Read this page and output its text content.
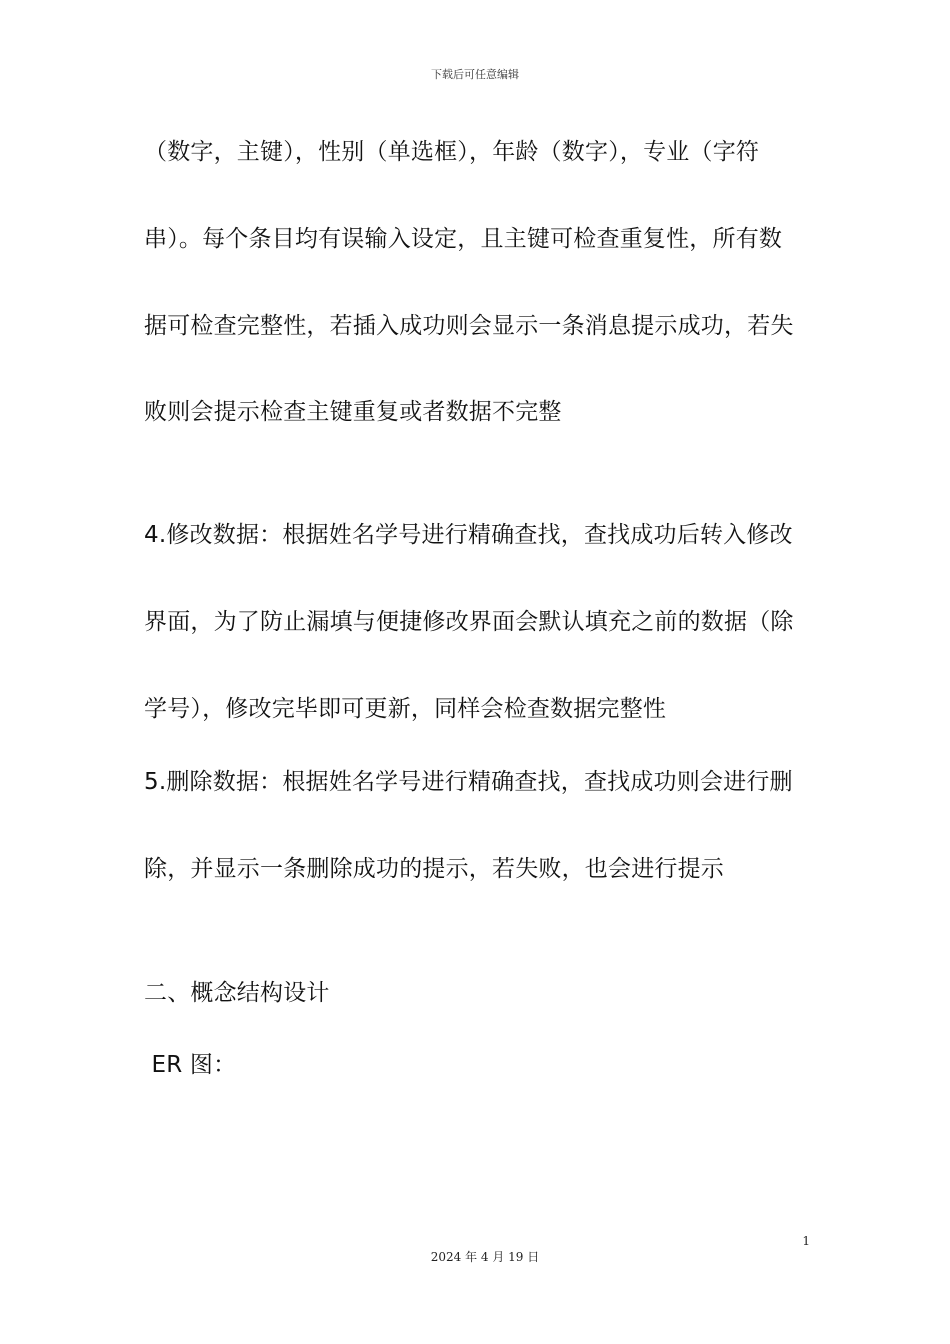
下载后可任意编辑
（数字，主键），性别（单选框），年龄（数字），专业（字符
串）。每个条目均有误输入设定，且主键可检查重复性，所有数
据可检查完整性，若插入成功则会显示一条消息提示成功，若失
败则会提示检查主键重复或者数据不完整
4.修改数据：根据姓名学号进行精确查找，查找成功后转入修改
界面，为了防止漏填与便捷修改界面会默认填充之前的数据（除
学号），修改完毕即可更新，同样会检查数据完整性
5.删除数据：根据姓名学号进行精确查找，查找成功则会进行删
除，并显示一条删除成功的提示，若失败，也会进行提示
二、概念结构设计
ER 图：
1
2024 年 4 月 19 日
